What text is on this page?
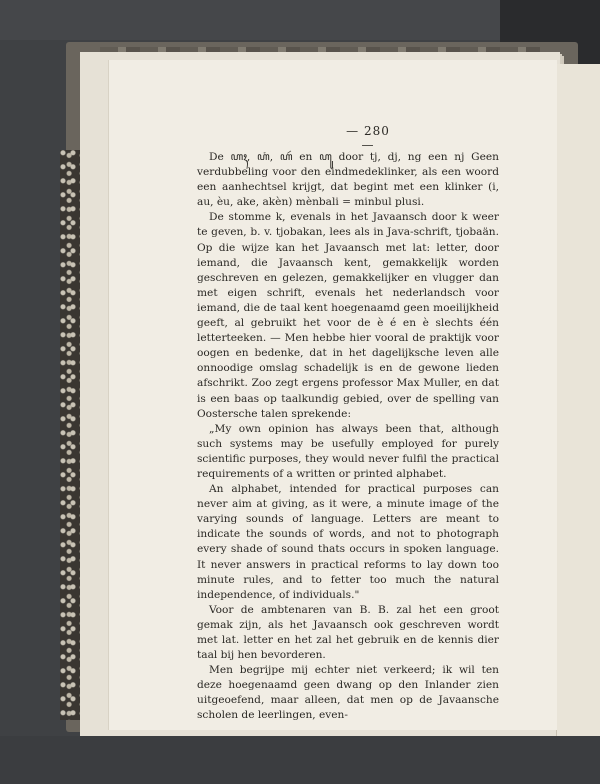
— 280 —

De ꦲꦃ, ꦲꦁ, ꦲꦂ en ꦲꦸ door tj, dj, ng een nj Geen verdubbeling voor den eindmedeklinker, als een woord een aanhechtsel krijgt, dat begint met een klinker (i, au, èu, ake, akèn) mènbali = minbul plusi.

De stomme k, evenals in het Javaansch door k weer te geven, b. v. tjobakan, lees als in Java-schrift, tjobaän. Op die wijze kan het Javaansch met lat: letter, door iemand, die Javaansch kent, gemakkelijk worden geschreven en gelezen, gemakkelijker en vlugger dan met eigen schrift, evenals het nederlandsch voor iemand, die de taal kent hoegenaamd geen moeilijkheid geeft, al gebruikt het voor de è é en è slechts één letterteeken. — Men hebbe hier vooral de praktijk voor oogen en bedenke, dat in het dagelijksche leven alle onnoodige omslag schadelijk is en de gewone lieden afschrikt. Zoo zegt ergens professor Max Muller, en dat is een baas op taalkundig gebied, over de spelling van Oostersche talen sprekende:

„My own opinion has always been that, although such systems may be usefully employed for purely scientific purposes, they would never fulfil the practical requirements of a written or printed alphabet.

An alphabet, intended for practical purposes can never aim at giving, as it were, a minute image of the varying sounds of language. Letters are meant to indicate the sounds of words, and not to photograph every shade of sound thats occurs in spoken language. It never answers in practical reforms to lay down too minute rules, and to fetter too much the natural independence, of individuals."

Voor de ambtenaren van B. B. zal het een groot gemak zijn, als het Javaansch ook geschreven wordt met lat. letter en het zal het gebruik en de kennis dier taal bij hen bevorderen.

Men begrijpe mij echter niet verkeerd; ik wil ten deze hoegenaamd geen dwang op den Inlander zien uitgeoefend, maar alleen, dat men op de Javaansche scholen de leerlingen, even-
